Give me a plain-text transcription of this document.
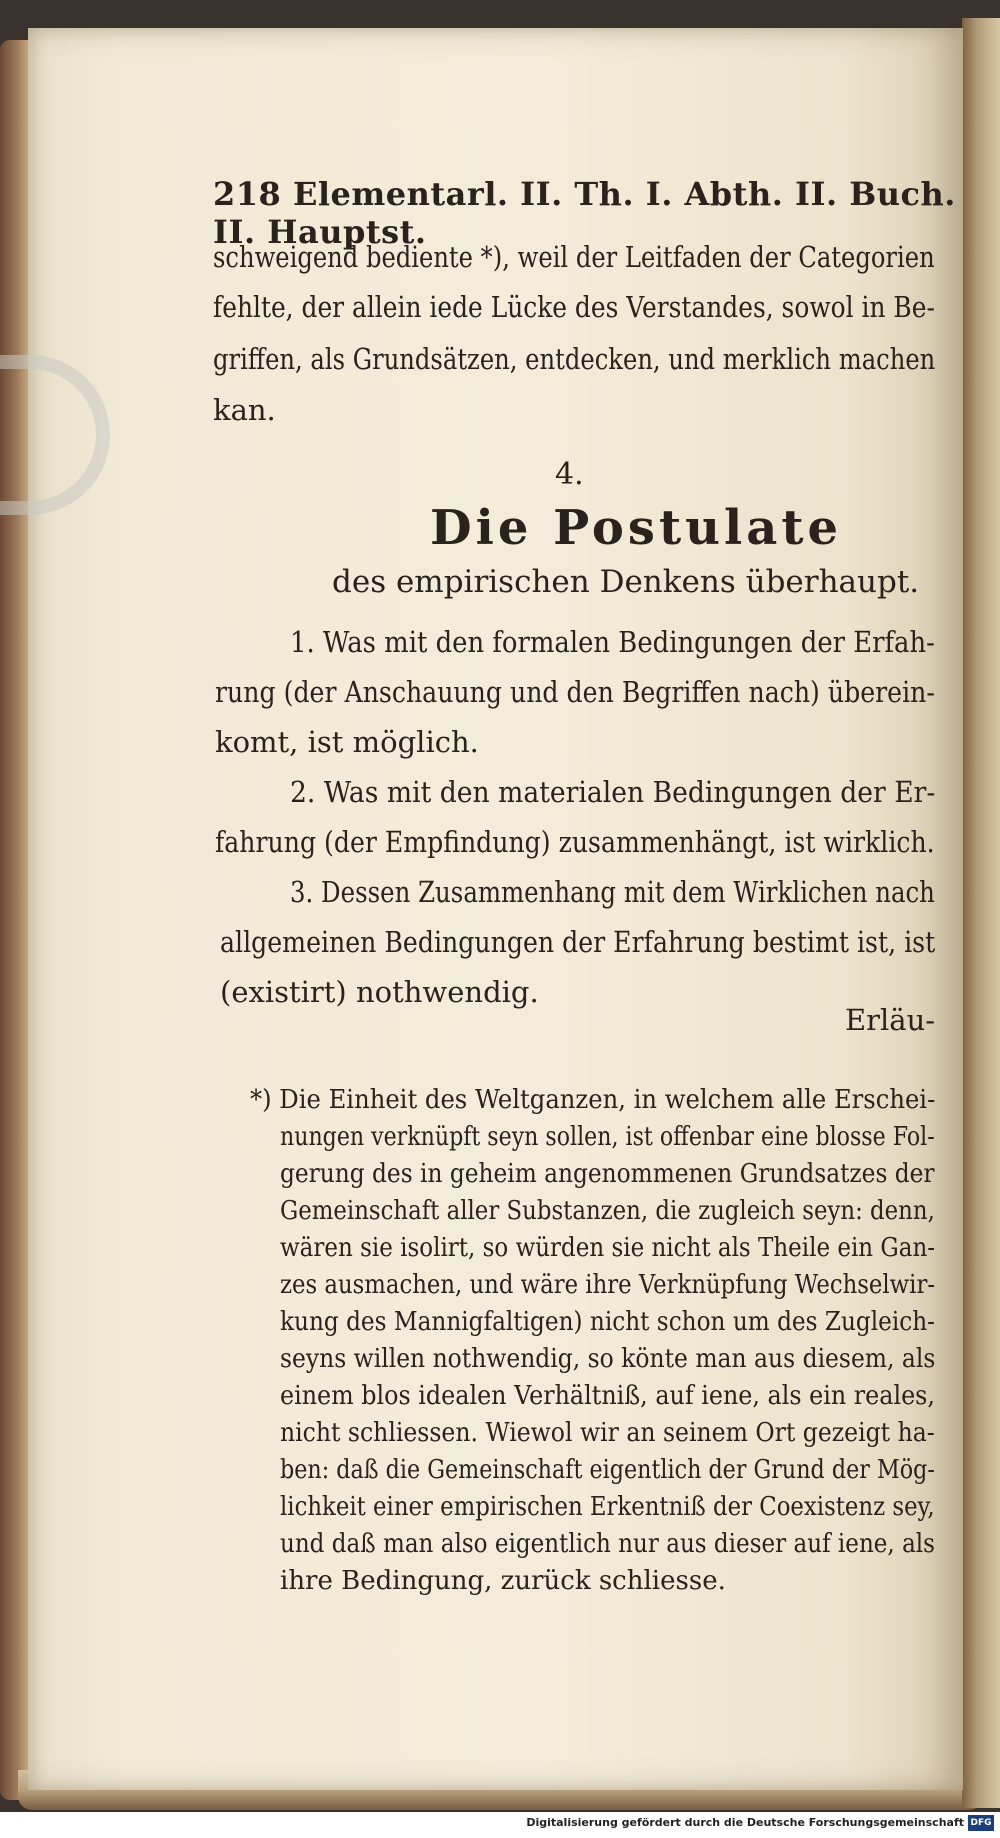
218 Elementarl. II. Th. I. Abth. II. Buch. II. Hauptst.
schweigend bediente *), weil der Leitfaden der Categorien
fehlte, der allein iede Lücke des Verstandes, sowol in Be-
griffen, als Grundsätzen, entdecken, und merklich machen
kan.
4.
Die Postulate
des empirischen Denkens überhaupt.
1. Was mit den formalen Bedingungen der Erfah-
rung (der Anschauung und den Begriffen nach) überein-
komt, ist möglich.
2. Was mit den materialen Bedingungen der Er-
fahrung (der Empfindung) zusammenhängt, ist wirklich.
3. Dessen Zusammenhang mit dem Wirklichen nach
allgemeinen Bedingungen der Erfahrung bestimt ist, ist
(existirt) nothwendig.
Erläu-
*) Die Einheit des Weltganzen, in welchem alle Erschei-
nungen verknüpft seyn sollen, ist offenbar eine blosse Fol-
gerung des in geheim angenommenen Grundsatzes der
Gemeinschaft aller Substanzen, die zugleich seyn: denn,
wären sie isolirt, so würden sie nicht als Theile ein Gan-
zes ausmachen, und wäre ihre Verknüpfung Wechselwir-
kung des Mannigfaltigen) nicht schon um des Zugleich-
seyns willen nothwendig, so könte man aus diesem, als
einem blos idealen Verhältniß, auf iene, als ein reales,
nicht schliessen. Wiewol wir an seinem Ort gezeigt ha-
ben: daß die Gemeinschaft eigentlich der Grund der Mög-
lichkeit einer empirischen Erkentniß der Coexistenz sey,
und daß man also eigentlich nur aus dieser auf iene, als
ihre Bedingung, zurück schliesse.
Digitalisierung gefördert durch die Deutsche Forschungsgemeinschaft DFG
